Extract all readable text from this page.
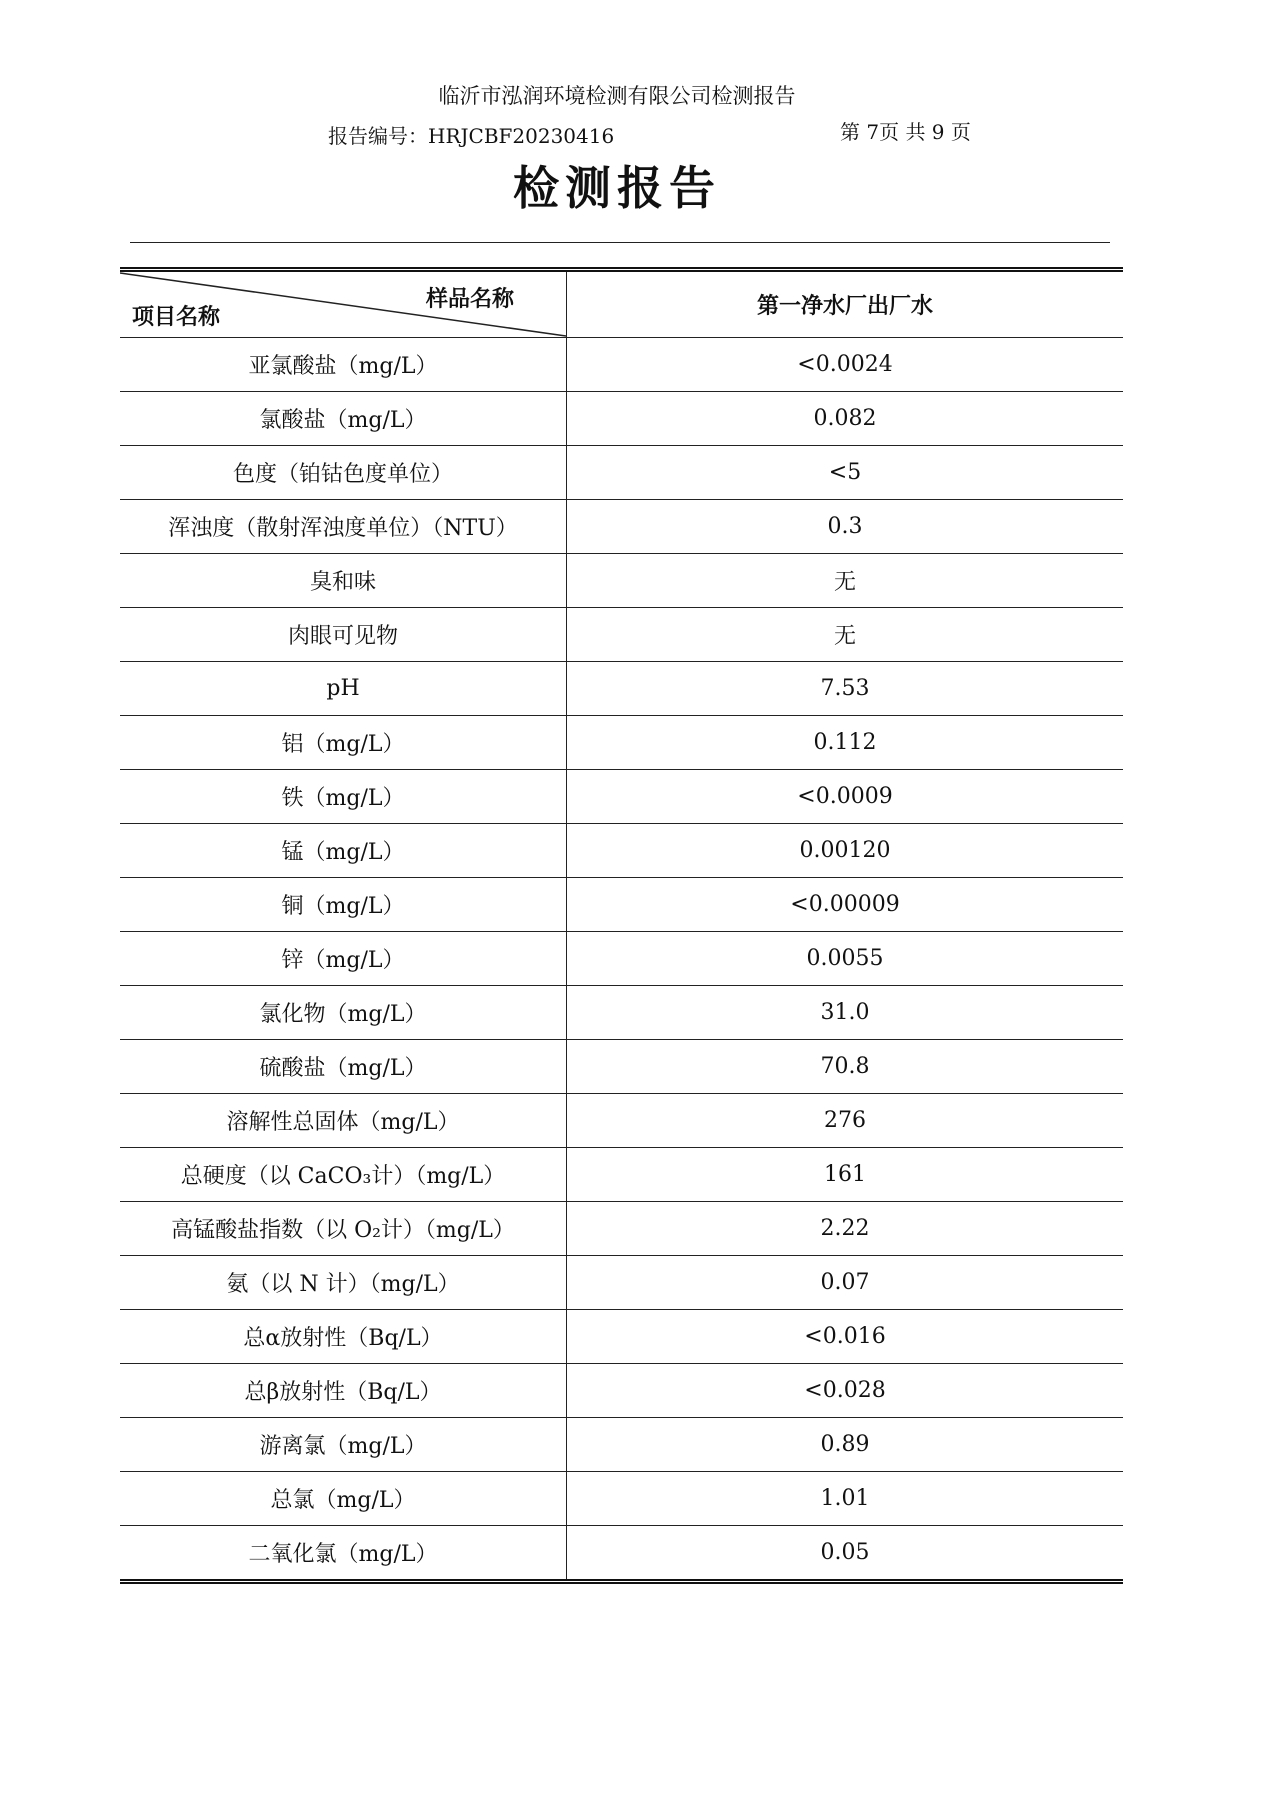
临沂市泓润环境检测有限公司检测报告
报告编号：HRJCBF20230416	第 7页 共 9 页
检测报告
样品名称
项目名称	第一净水厂出厂水
亚氯酸盐（mg/L）	<0.0024
氯酸盐（mg/L）	0.082
色度（铂钴色度单位）	<5
浑浊度（散射浑浊度单位）（NTU）	0.3
臭和味	无
肉眼可见物	无
pH	7.53
铝（mg/L）	0.112
铁（mg/L）	<0.0009
锰（mg/L）	0.00120
铜（mg/L）	<0.00009
锌（mg/L）	0.0055
氯化物（mg/L）	31.0
硫酸盐（mg/L）	70.8
溶解性总固体（mg/L）	276
总硬度（以 CaCO₃计）（mg/L）	161
高锰酸盐指数（以 O₂计）（mg/L）	2.22
氨（以 N 计）（mg/L）	0.07
总α放射性（Bq/L）	<0.016
总β放射性（Bq/L）	<0.028
游离氯（mg/L）	0.89
总氯（mg/L）	1.01
二氧化氯（mg/L）	0.05
